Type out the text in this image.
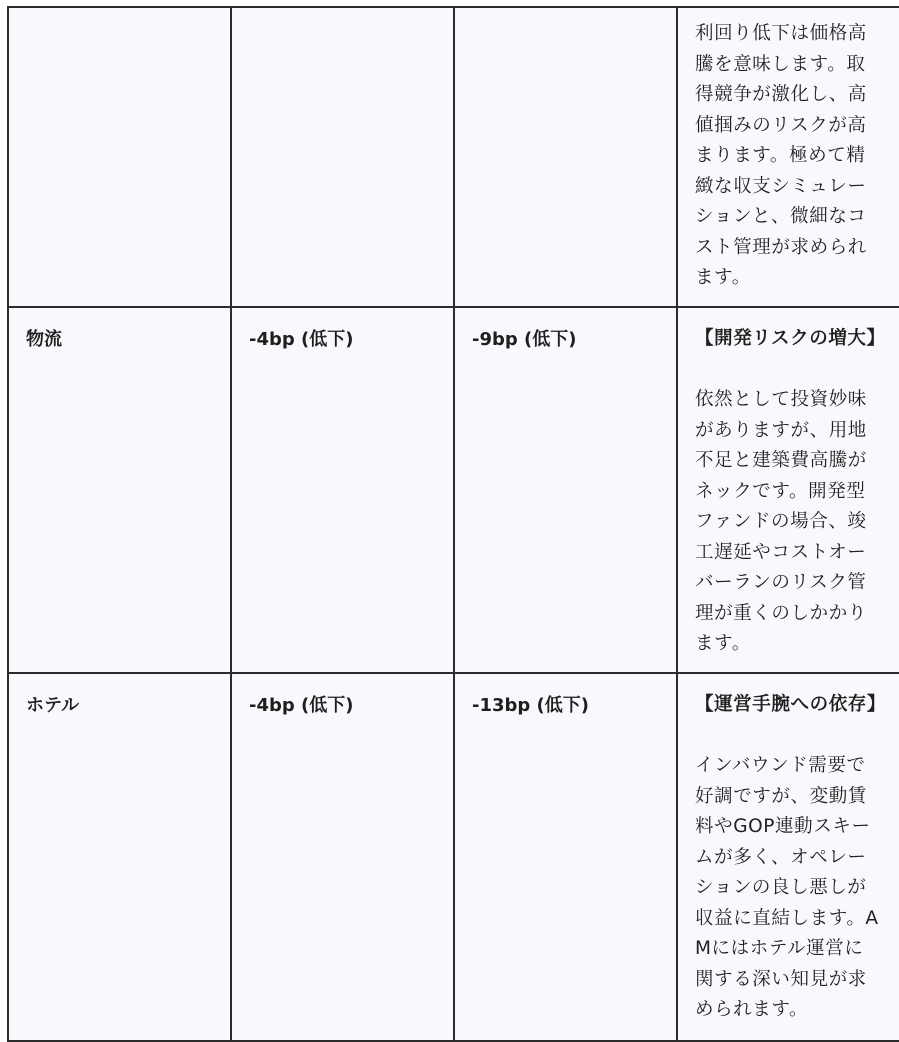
			利回り低下は価格高騰を意味します。取得競争が激化し、高値掴みのリスクが高まります。極めて精緻な収支シミュレーションと、微細なコスト管理が求められます。

物流	-4bp (低下)	-9bp (低下)	【開発リスクの増大】
依然として投資妙味がありますが、用地不足と建築費高騰がネックです。開発型ファンドの場合、竣工遅延やコストオーバーランのリスク管理が重くのしかかります。

ホテル	-4bp (低下)	-13bp (低下)	【運営手腕への依存】
インバウンド需要で好調ですが、変動賃料やGOP連動スキームが多く、オペレーションの良し悪しが収益に直結します。AMにはホテル運営に関する深い知見が求められます。
